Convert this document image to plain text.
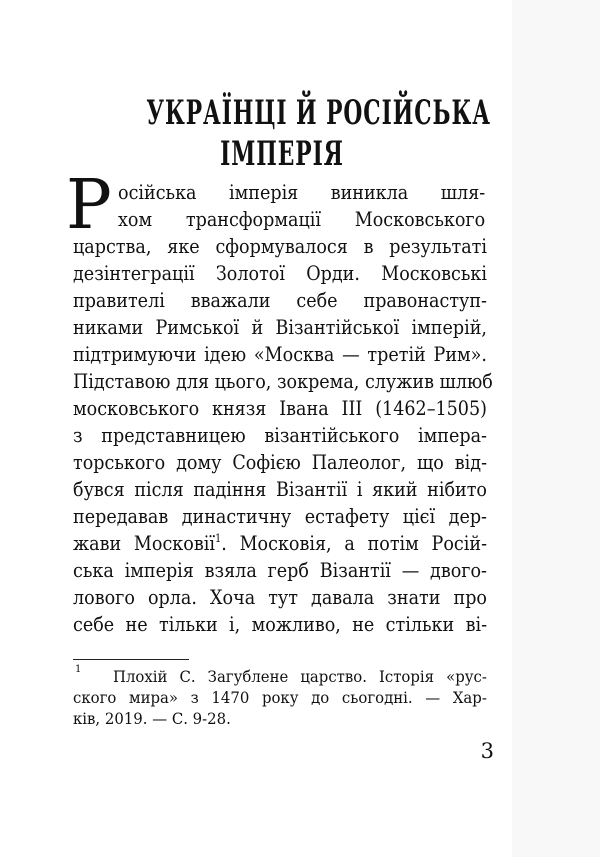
УКРАЇНЦІ Й РОСІЙСЬКА
ІМПЕРІЯ
Р осійська імперія виникла шля-
хом трансформації Московського
царства, яке сформувалося в результаті
дезінтеграції Золотої Орди. Московські
правителі вважали себе правонаступ-
никами Римської й Візантійської імперій,
підтримуючи ідею «Москва — третій Рим».
Підставою для цього, зокрема, служив шлюб
московського князя Івана ІІІ (1462–1505)
з представницею візантійського імпера-
торського дому Софією Палеолог, що від-
бувся після падіння Візантії і який нібито
передавав династичну естафету цієї дер-
жави Московії$^1$. Московія, а потім Росій-
ська імперія взяла герб Візантії — двого-
лового орла. Хоча тут давала знати про
себе не тільки і, можливо, не стільки ві-
1 Плохій С. Загублене царство. Історія «рус-
ского мира» з 1470 року до сьогодні. — Хар-
ків, 2019. — С. 9-28.
3
